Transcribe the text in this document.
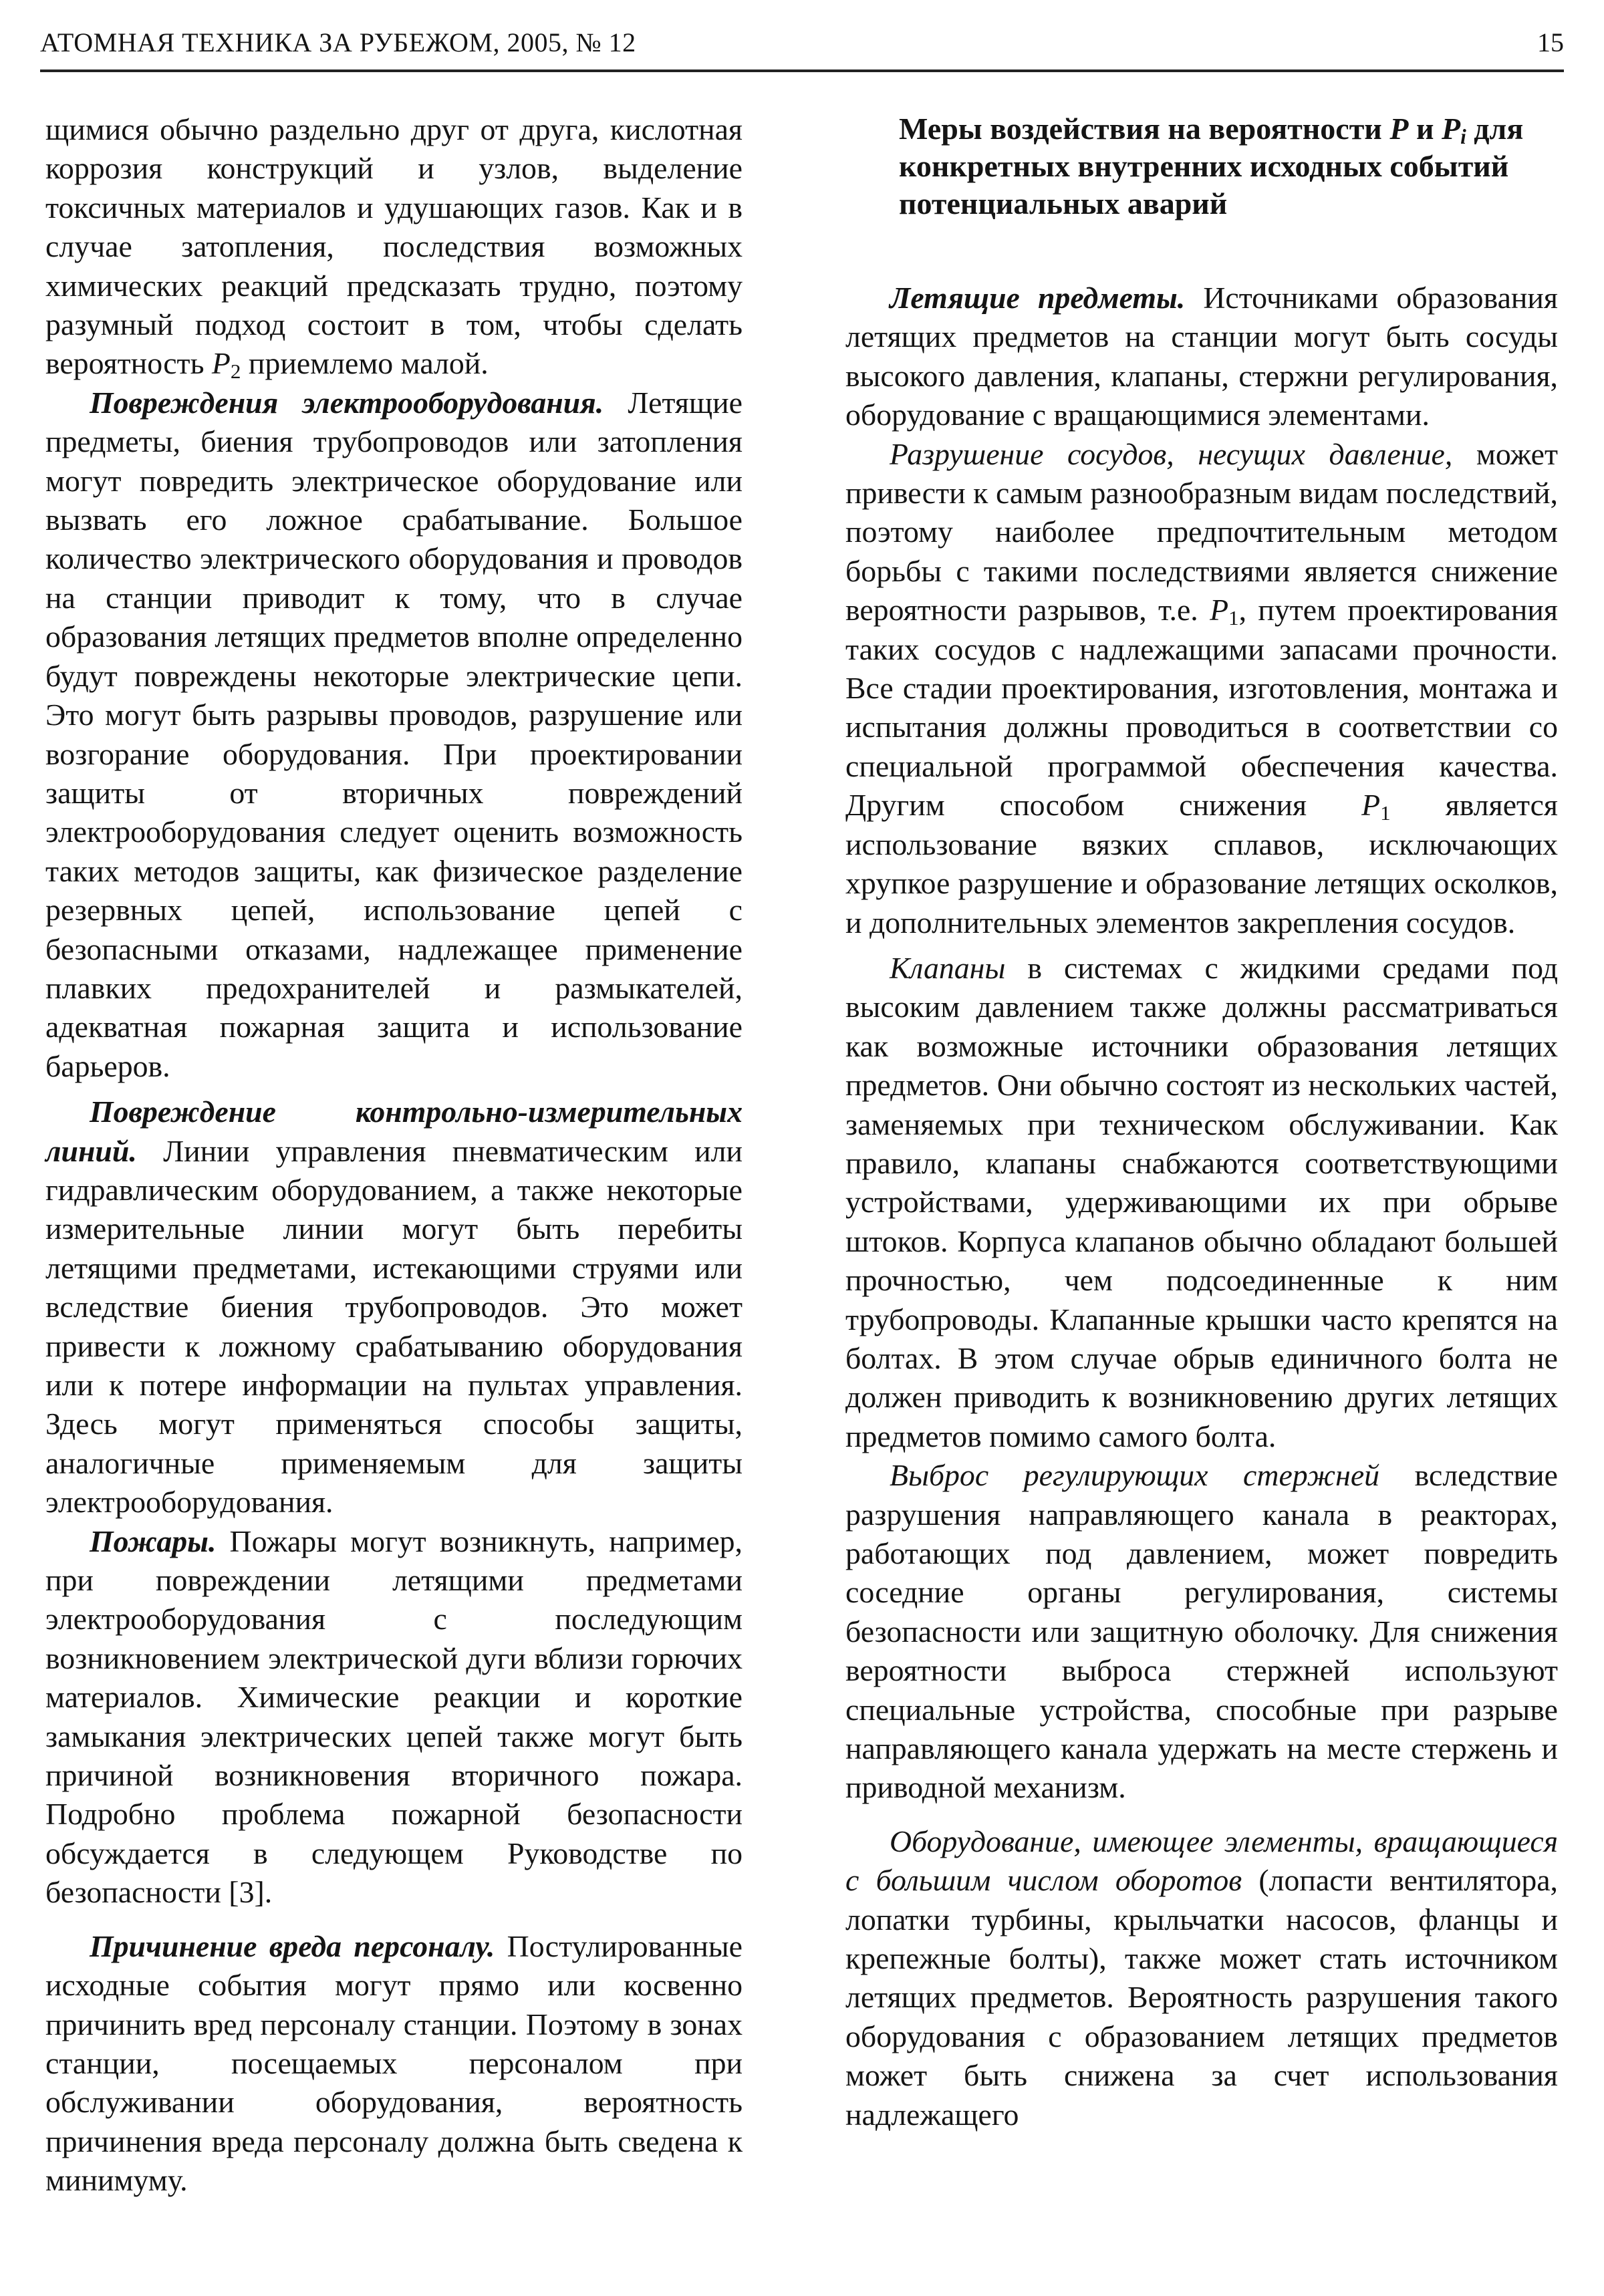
АТОМНАЯ ТЕХНИКА ЗА РУБЕЖОМ, 2005, № 12	15

щимися обычно раздельно друг от друга, кислотная коррозия конструкций и узлов, выделение токсичных материалов и удушающих газов. Как и в случае затопления, последствия возможных химических реакций предсказать трудно, поэтому разумный подход состоит в том, чтобы сделать вероятность $P_2$ приемлемо малой.

Повреждения электрооборудования. Летящие предметы, биения трубопроводов или затопления могут повредить электрическое оборудование или вызвать его ложное срабатывание. Большое количество электрического оборудования и проводов на станции приводит к тому, что в случае образования летящих предметов вполне определенно будут повреждены некоторые электрические цепи. Это могут быть разрывы проводов, разрушение или возгорание оборудования. При проектировании защиты от вторичных повреждений электрооборудования следует оценить возможность таких методов защиты, как физическое разделение резервных цепей, использование цепей с безопасными отказами, надлежащее применение плавких предохранителей и размыкателей, адекватная пожарная защита и использование барьеров.

Повреждение контрольно-измерительных линий. Линии управления пневматическим или гидравлическим оборудованием, а также некоторые измерительные линии могут быть перебиты летящими предметами, истекающими струями или вследствие биения трубопроводов. Это может привести к ложному срабатыванию оборудования или к потере информации на пультах управления. Здесь могут применяться способы защиты, аналогичные применяемым для защиты электрооборудования.

Пожары. Пожары могут возникнуть, например, при повреждении летящими предметами электрооборудования с последующим возникновением электрической дуги вблизи горючих материалов. Химические реакции и короткие замыкания электрических цепей также могут быть причиной возникновения вторичного пожара. Подробно проблема пожарной безопасности обсуждается в следующем Руководстве по безопасности [3].

Причинение вреда персоналу. Постулированные исходные события могут прямо или косвенно причинить вред персоналу станции. Поэтому в зонах станции, посещаемых персоналом при обслуживании оборудования, вероятность причинения вреда персоналу должна быть сведена к минимуму.

Меры воздействия на вероятности P и $P_i$ для конкретных внутренних исходных событий потенциальных аварий

Летящие предметы. Источниками образования летящих предметов на станции могут быть сосуды высокого давления, клапаны, стержни регулирования, оборудование с вращающимися элементами.

Разрушение сосудов, несущих давление, может привести к самым разнообразным видам последствий, поэтому наиболее предпочтительным методом борьбы с такими последствиями является снижение вероятности разрывов, т.е. $P_1$, путем проектирования таких сосудов с надлежащими запасами прочности. Все стадии проектирования, изготовления, монтажа и испытания должны проводиться в соответствии со специальной программой обеспечения качества. Другим способом снижения $P_1$ является использование вязких сплавов, исключающих хрупкое разрушение и образование летящих осколков, и дополнительных элементов закрепления сосудов.

Клапаны в системах с жидкими средами под высоким давлением также должны рассматриваться как возможные источники образования летящих предметов. Они обычно состоят из нескольких частей, заменяемых при техническом обслуживании. Как правило, клапаны снабжаются соответствующими устройствами, удерживающими их при обрыве штоков. Корпуса клапанов обычно обладают большей прочностью, чем подсоединенные к ним трубопроводы. Клапанные крышки часто крепятся на болтах. В этом случае обрыв единичного болта не должен приводить к возникновению других летящих предметов помимо самого болта.

Выброс регулирующих стержней вследствие разрушения направляющего канала в реакторах, работающих под давлением, может повредить соседние органы регулирования, системы безопасности или защитную оболочку. Для снижения вероятности выброса стержней используют специальные устройства, способные при разрыве направляющего канала удержать на месте стержень и приводной механизм.

Оборудование, имеющее элементы, вращающиеся с большим числом оборотов (лопасти вентилятора, лопатки турбины, крыльчатки насосов, фланцы и крепежные болты), также может стать источником летящих предметов. Вероятность разрушения такого оборудования с образованием летящих предметов может быть снижена за счет использования надлежащего
